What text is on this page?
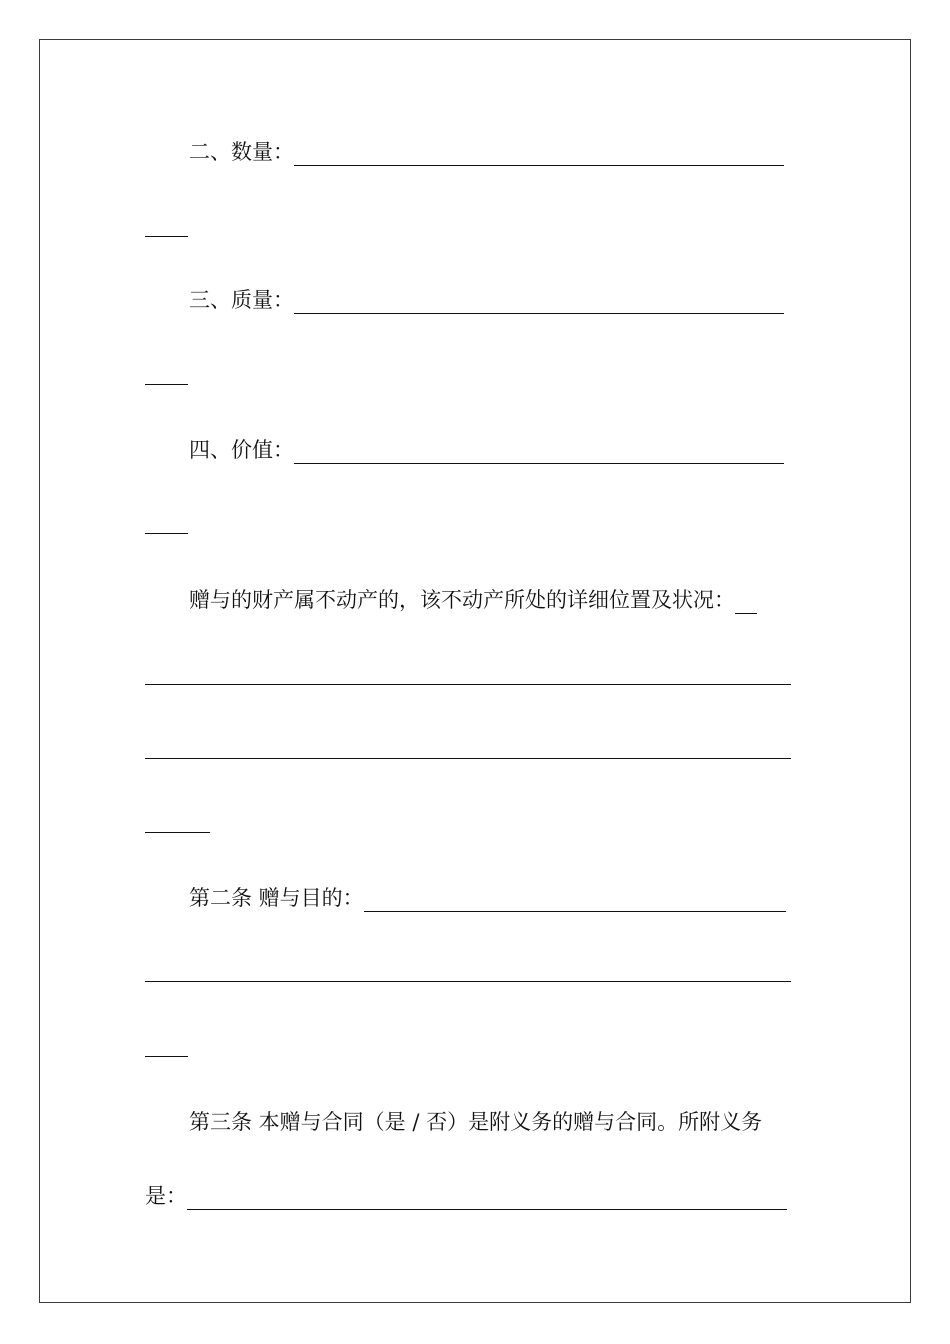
二、数量：
三、质量：
四、价值：
赠与的财产属不动产的，该不动产所处的详细位置及状况：
第二条 赠与目的：
第三条 本赠与合同（是 / 否）是附义务的赠与合同。所附义务
是：
